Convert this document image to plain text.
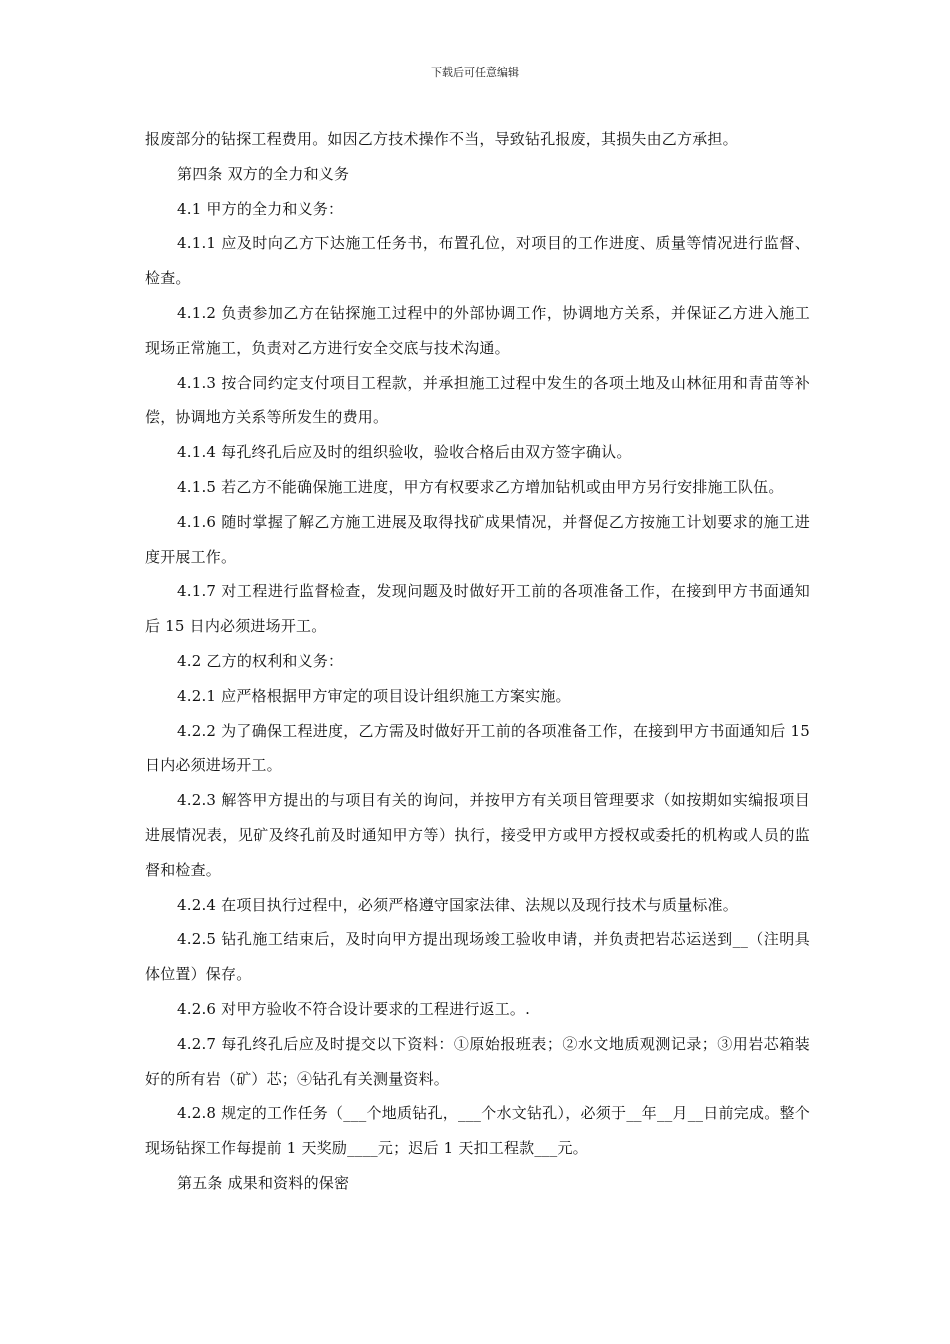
下载后可任意编辑

报废部分的钻探工程费用。如因乙方技术操作不当，导致钻孔报废，其损失由乙方承担。

第四条 双方的全力和义务

4.1 甲方的全力和义务：

4.1.1 应及时向乙方下达施工任务书，布置孔位，对项目的工作进度、质量等情况进行监督、检查。

4.1.2 负责参加乙方在钻探施工过程中的外部协调工作，协调地方关系，并保证乙方进入施工现场正常施工，负责对乙方进行安全交底与技术沟通。

4.1.3 按合同约定支付项目工程款，并承担施工过程中发生的各项土地及山林征用和青苗等补偿，协调地方关系等所发生的费用。

4.1.4 每孔终孔后应及时的组织验收，验收合格后由双方签字确认。

4.1.5 若乙方不能确保施工进度，甲方有权要求乙方增加钻机或由甲方另行安排施工队伍。

4.1.6 随时掌握了解乙方施工进展及取得找矿成果情况，并督促乙方按施工计划要求的施工进度开展工作。

4.1.7 对工程进行监督检查，发现问题及时做好开工前的各项准备工作，在接到甲方书面通知后 15 日内必须进场开工。

4.2 乙方的权利和义务：

4.2.1 应严格根据甲方审定的项目设计组织施工方案实施。

4.2.2 为了确保工程进度，乙方需及时做好开工前的各项准备工作，在接到甲方书面通知后 15 日内必须进场开工。

4.2.3 解答甲方提出的与项目有关的询问，并按甲方有关项目管理要求（如按期如实编报项目进展情况表，见矿及终孔前及时通知甲方等）执行，接受甲方或甲方授权或委托的机构或人员的监督和检查。

4.2.4 在项目执行过程中，必须严格遵守国家法律、法规以及现行技术与质量标准。

4.2.5 钻孔施工结束后，及时向甲方提出现场竣工验收申请，并负责把岩芯运送到__（注明具体位置）保存。

4.2.6 对甲方验收不符合设计要求的工程进行返工。.

4.2.7 每孔终孔后应及时提交以下资料：①原始报班表；②水文地质观测记录；③用岩芯箱装好的所有岩（矿）芯；④钻孔有关测量资料。

4.2.8 规定的工作任务（___个地质钻孔，___个水文钻孔），必须于__年__月__日前完成。整个现场钻探工作每提前 1 天奖励____元；迟后 1 天扣工程款___元。

第五条 成果和资料的保密
